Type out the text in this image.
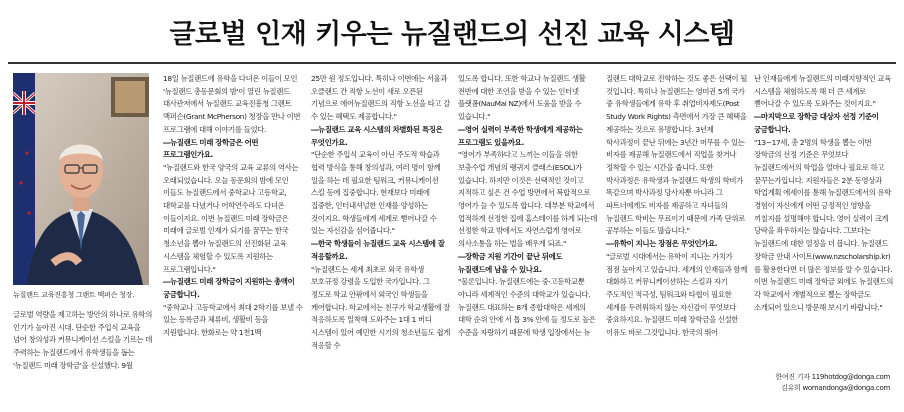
글로벌 인재 키우는 뉴질랜드의 선진 교육 시스템
뉴질랜드 교육진흥청 그랜트 맥퍼슨 청장.

글로벌 역량을 제고하는 방안의 하나로 유학의 인기가 높아진 시대. 단순한 주입식 교육을 넘어 창의성과 커뮤니케이션 스킬을 기르는 데 주력하는 뉴질랜드에서 유학생들을 돕는 '뉴질랜드 미래 장학금'을 신설했다. 9월

18일 뉴질랜드에 유학을 다녀온 이들이 모인 '뉴질랜드 총동문회의 밤'이 열린 뉴질랜드 대사관저에서 뉴질랜드 교육진흥청 그랜트 맥퍼슨(Grant McPherson) 청장을 만나 이번 프로그램에 대해 이야기를 들었다.

―뉴질랜드 미래 장학금은 어떤 프로그램인가요.

"뉴질랜드와 한국 양국의 교육 교류의 역사는 오래되었습니다. 오늘 동문회의 밤에 모인 이들도 뉴질랜드에서 중학교나 고등학교, 대학교를 다녔거나 어학연수라도 다녀온 이들이지요. 이번 뉴질랜드 미래 장학금은 미래에 글로벌 인재가 되기를 꿈꾸는 한국 청소년을 뽑아 뉴질랜드의 선진화된 교육 시스템을 체험할 수 있도록 지원하는 프로그램입니다."

―뉴질랜드 미래 장학금이 지원하는 총액이 궁금합니다.

"중학교나 고등학교에서 최대 2학기를 보낼 수 있는 등록금과 체류비, 생활비 등을 지원합니다. 한화로는 약 1천1백

25만 원 정도입니다. 특히나 이번에는 서울과 오클랜드 간 직항 노선이 새로 오픈된 기념으로 에어뉴질랜드의 직항 노선을 타고 갈 수 있는 혜택도 제공합니다."

―뉴질랜드 교육 시스템의 차별화된 특징은 무엇인가요.

"단순한 주입식 교육이 아닌 주도적 학습과 협력 방식을 통해 창의성과, 여러 명이 함께 일을 하는 데 필요한 팀워크, 커뮤니케이션 스킬 등에 집중합니다. 현재보다 미래에 집중한, 인터내셔널한 인재를 양성하는 것이지요. 학생들에게 세계로 뻗어나갈 수 있는 자신감을 심어줍니다."

―한국 학생들이 뉴질랜드 교육 시스템에 잘 적응할까요.

"뉴질랜드는 세계 최초로 외국 유학생 보호규정 강령을 도입한 국가입니다. 그 정도로 학교 안팎에서 외국인 학생들을 케어합니다. 학교에서는 친구가 학교생활에 잘 적응하도록 밀착해 도와주는 1대 1 버디 시스템이 있어 예민한 시기의 청소년들도 쉽게 적응할 수

있도록 합니다. 또한 학교나 뉴질랜드 생활 전반에 대한 조언을 받을 수 있는 인터넷 플랫폼(NauMai NZ)에서 도움을 받을 수 있습니다."

―영어 실력이 부족한 학생에게 제공하는 프로그램도 있을까요.

"영어가 부족하다고 느끼는 이들을 위한 보충수업 개념의 랭귀지 클래스(ESOL)가 있습니다. 하지만 이것은 선택적인 것이고 지적하고 싶은 건 수업 방면에서 복합적으로 영어가 늘 수 있도록 합니다. 대부분 학교에서 업적하게 선정한 집에 홈스테이를 하게 되는데 선정한 학교 밖에서도 자연스럽게 영어로 의사소통을 하는 법을 배우게 되죠."

―장학금 지원 기간이 끝난 뒤에도 뉴질랜드에 남을 수 있나요.

"물론입니다. 뉴질랜드에는 중·고등학교뿐 아니라 세계적인 수준의 대학교가 있습니다. 뉴질랜드 대표하는 8개 종합대학은 세계의 대학 순위 안에 서 톱 3% 안에 들 정도로 높은 수준을 자랑하기 때문에 학생 입장에서는 뉴

질랜드 대학교로 진학하는 것도 좋은 선택이 될 것입니다. 특히나 뉴질랜드는 영미권 5개 국가 중 유학생들에게 유학 후 취업비자제도(Post Study Work Rights) 측면에서 가장 큰 혜택을 제공하는 것으로 유명합니다. 3년제 학사과정이 끝난 뒤에는 3년간 머무를 수 있는 비자를 제공해 뉴질랜드에서 직업을 찾거나 정착할 수 있는 시간을 줍니다. 또한 박사과정은 유학생과 뉴질랜드 학생의 학비가 똑같으며 박사과정 당사자뿐 아니라 그 파트너에게도 비자를 제공하고 자녀들의 뉴질랜드 학비는 무료이기 때문에 가족 단위로 공부하는 이들도 많습니다."

―유학이 지니는 장점은 무엇인가요.

"글로벌 시대에서는 유학이 지니는 가치가 점점 높아지고 있습니다. 세계의 인재들과 함께 대화하고 커뮤니케이션하는 스킬과 자기 주도적인 적극성, 팀워크와 타협이 필요한 세계를 두려워하지 않는 자신감이 무엇보다 중요하지요. 뉴질랜드 미래 장학금을 신설한 이유도 바로 그것입니다. 한국의 뛰어

난 인재들에게 뉴질랜드의 미래지향적인 교육 시스템을 체험하도록 해 더 큰 세계로 뻗어나갈 수 있도록 도와주는 것이지요."

―마지막으로 장학금 대상자 선정 기준이 궁금합니다.

"13~17세, 총 2명의 학생을 뽑는 이번 장학금의 선정 기준은 무엇보다 뉴질랜드에서의 학업을 얼마나 필요로 하고 꿈꾸는가입니다. 지원자들은 2분 동영상과 학업계획 에세이를 통해 뉴질랜드에서의 유학 경험이 자신에게 어떤 긍정적인 영향을 끼칠지를 설명해야 합니다. 영어 실력이 크게 당락을 좌우하지는 않습니다. 그보다는 뉴질랜드에 대한 열정을 더 봅니다. 뉴질랜드 장학금 안내 사이트(www.nzscholarship.kr)를 활용한다면 더 많은 정보를 알 수 있습니다. 이번 뉴질랜드 미래 장학금 외에도 뉴질랜드의 각 학교에서 개별적으로 뽑는 장학금도 소개되어 있으니 방문해 보시기 바랍니다."

한여진 기자 119hotdog@donga.com
김유희 womandonga@donga.com
